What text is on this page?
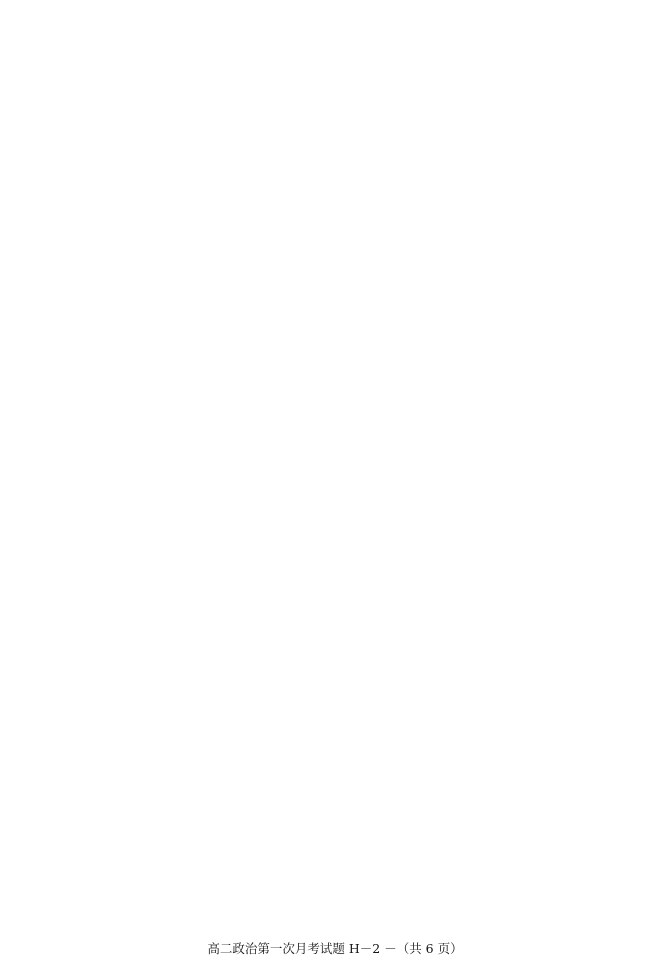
高二政治第一次月考试题 H－2 －（共 6 页）
